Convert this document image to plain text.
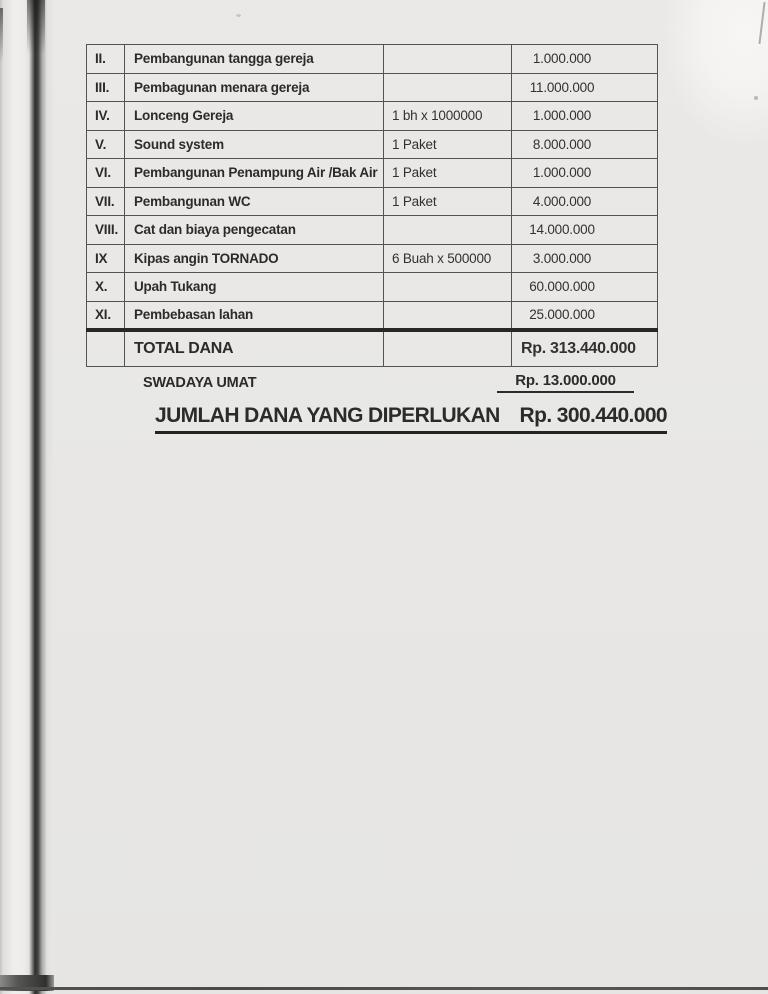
II.	Pembangunan tangga gereja		1.000.000
III.	Pembagunan menara gereja		11.000.000
IV.	Lonceng Gereja	1 bh x 1000000	1.000.000
V.	Sound system	1 Paket	8.000.000
VI.	Pembangunan Penampung Air /Bak Air	1 Paket	1.000.000
VII.	Pembangunan WC	1 Paket	4.000.000
VIII.	Cat dan biaya pengecatan		14.000.000
IX	Kipas angin TORNADO	6 Buah x 500000	3.000.000
X.	Upah Tukang		60.000.000
XI.	Pembebasan lahan		25.000.000
	TOTAL DANA		Rp. 313.440.000
SWADAYA UMAT	Rp. 13.000.000
JUMLAH DANA YANG DIPERLUKAN Rp. 300.440.000
